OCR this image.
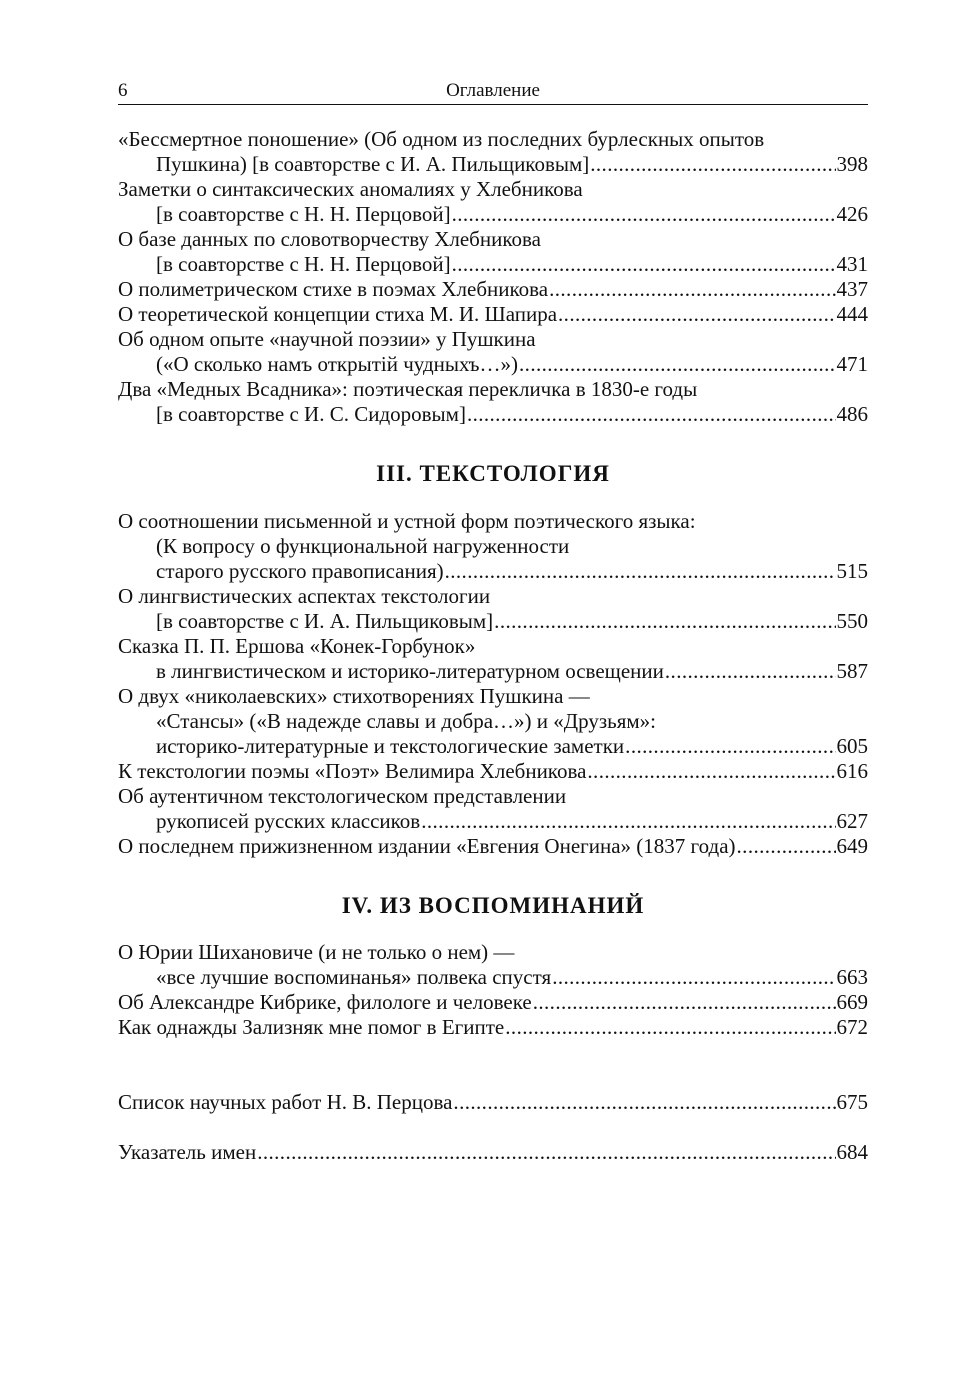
6	Оглавление
«Бессмертное поношение» (Об одном из последних бурлескных опытов
Пушкина) [в соавторстве с И. А. Пильщиковым] .....	398
Заметки о синтаксических аномалиях у Хлебникова
[в соавторстве с Н. Н. Перцовой] .....	426
О базе данных по словотворчеству Хлебникова
[в соавторстве с Н. Н. Перцовой] .....	431
О полиметрическом стихе в поэмах Хлебникова .....	437
О теоретической концепции стиха М. И. Шапира .....	444
Об одном опыте «научной поэзии» у Пушкина
(«О сколько намъ открытiй чудныхъ…») .....	471
Два «Медных Всадника»: поэтическая перекличка в 1830-е годы
[в соавторстве с И. С. Сидоровым] .....	486
III. ТЕКСТОЛОГИЯ
О соотношении письменной и устной форм поэтического языка:
(К вопросу о функциональной нагруженности
старого русского правописания) .....	515
О лингвистических аспектах текстологии
[в соавторстве с И. А. Пильщиковым] .....	550
Сказка П. П. Ершова «Конек-Горбунок»
в лингвистическом и историко-литературном освещении .....	587
О двух «николаевских» стихотворениях Пушкина —
«Стансы» («В надежде славы и добра…») и «Друзьям»:
историко-литературные и текстологические заметки .....	605
К текстологии поэмы «Поэт» Велимира Хлебникова .....	616
Об аутентичном текстологическом представлении
рукописей русских классиков .....	627
О последнем прижизненном издании «Евгения Онегина» (1837 года) .....	649
IV. ИЗ ВОСПОМИНАНИЙ
О Юрии Шихановиче (и не только о нем) —
«все лучшие воспоминанья» полвека спустя .....	663
Об Александре Кибрике, филологе и человеке .....	669
Как однажды Зализняк мне помог в Египте .....	672
Список научных работ Н. В. Перцова .....	675
Указатель имен .....	684
